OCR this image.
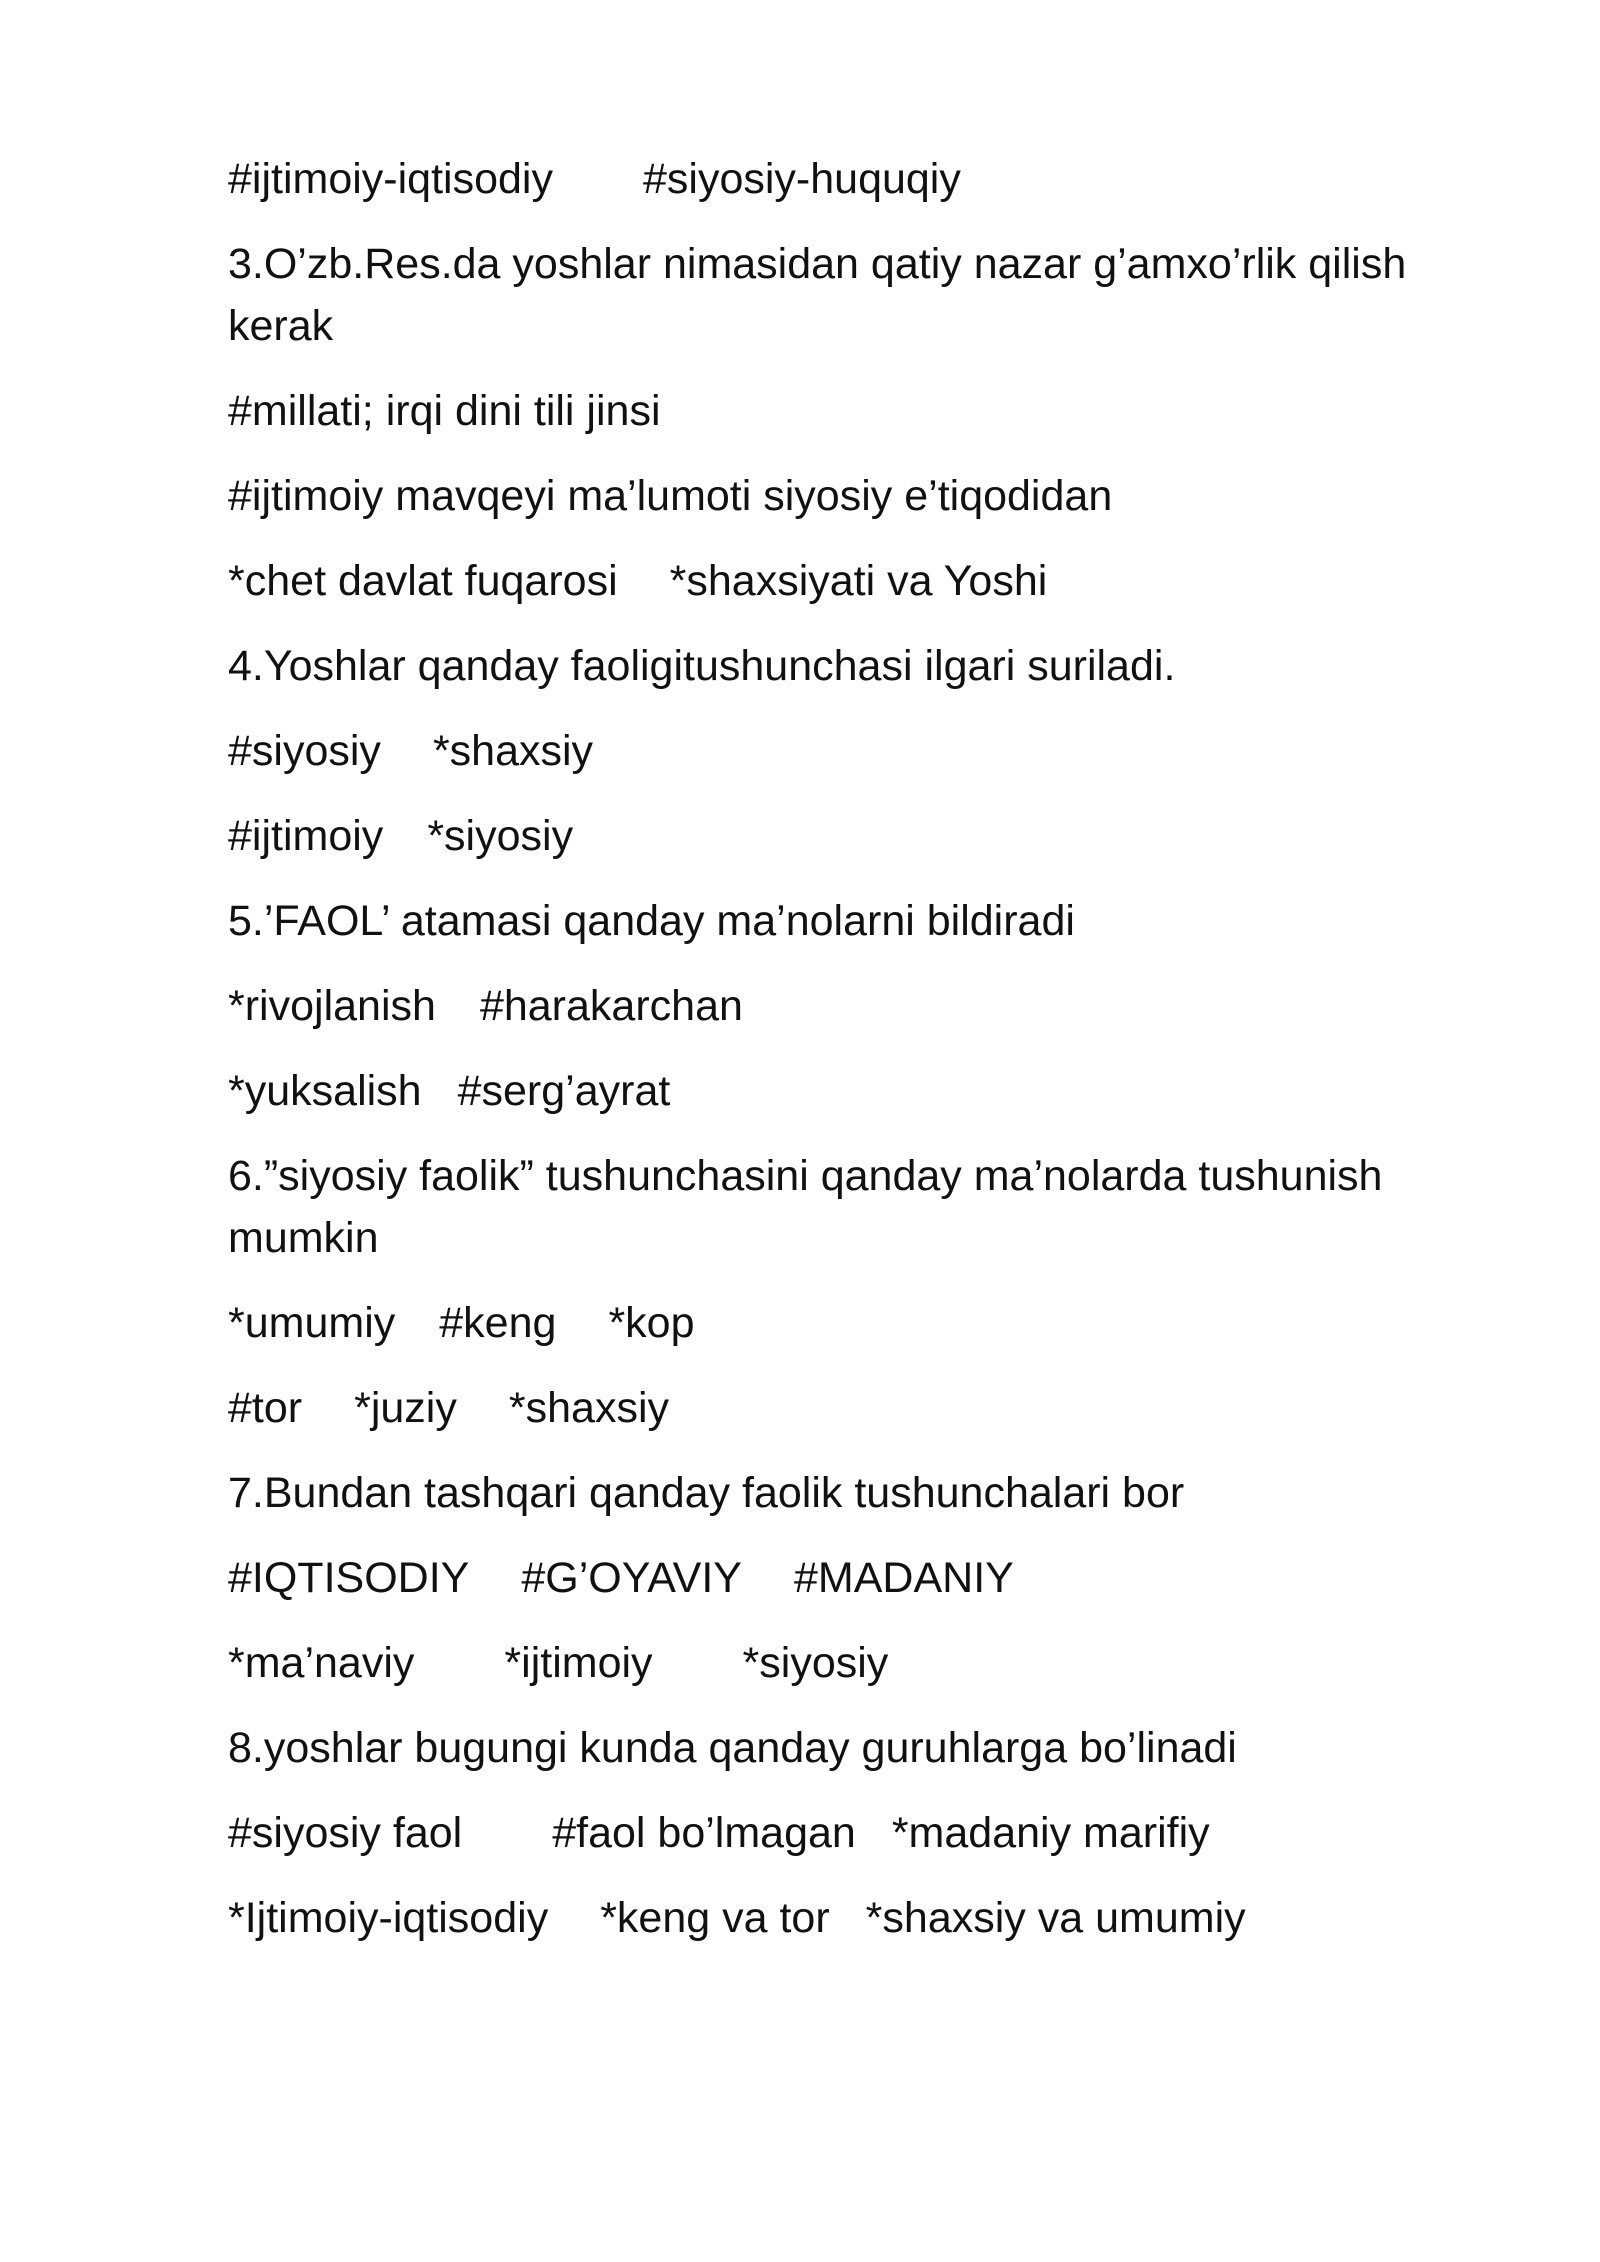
#ijtimoiy-iqtisodiy #siyosiy-huquqiy
3.O’zb.Res.da yoshlar nimasidan qatiy nazar g’amxo’rlik qilish kerak
#millati; irqi dini tili jinsi
#ijtimoiy mavqeyi ma’lumoti siyosiy e’tiqodidan
*chet davlat fuqarosi *shaxsiyati va Yoshi
4.Yoshlar qanday faoligitushunchasi ilgari suriladi.
#siyosiy *shaxsiy
#ijtimoiy *siyosiy
5.’FAOL’ atamasi qanday ma’nolarni bildiradi
*rivojlanish #harakarchan
*yuksalish #serg’ayrat
6.”siyosiy faolik” tushunchasini qanday ma’nolarda tushunish mumkin
*umumiy #keng *kop
#tor *juziy *shaxsiy
7.Bundan tashqari qanday faolik tushunchalari bor
#IQTISODIY #G’OYAVIY #MADANIY
*ma’naviy *ijtimoiy *siyosiy
8.yoshlar bugungi kunda qanday guruhlarga bo’linadi
#siyosiy faol #faol bo’lmagan *madaniy marifiy
*Ijtimoiy-iqtisodiy *keng va tor *shaxsiy va umumiy
